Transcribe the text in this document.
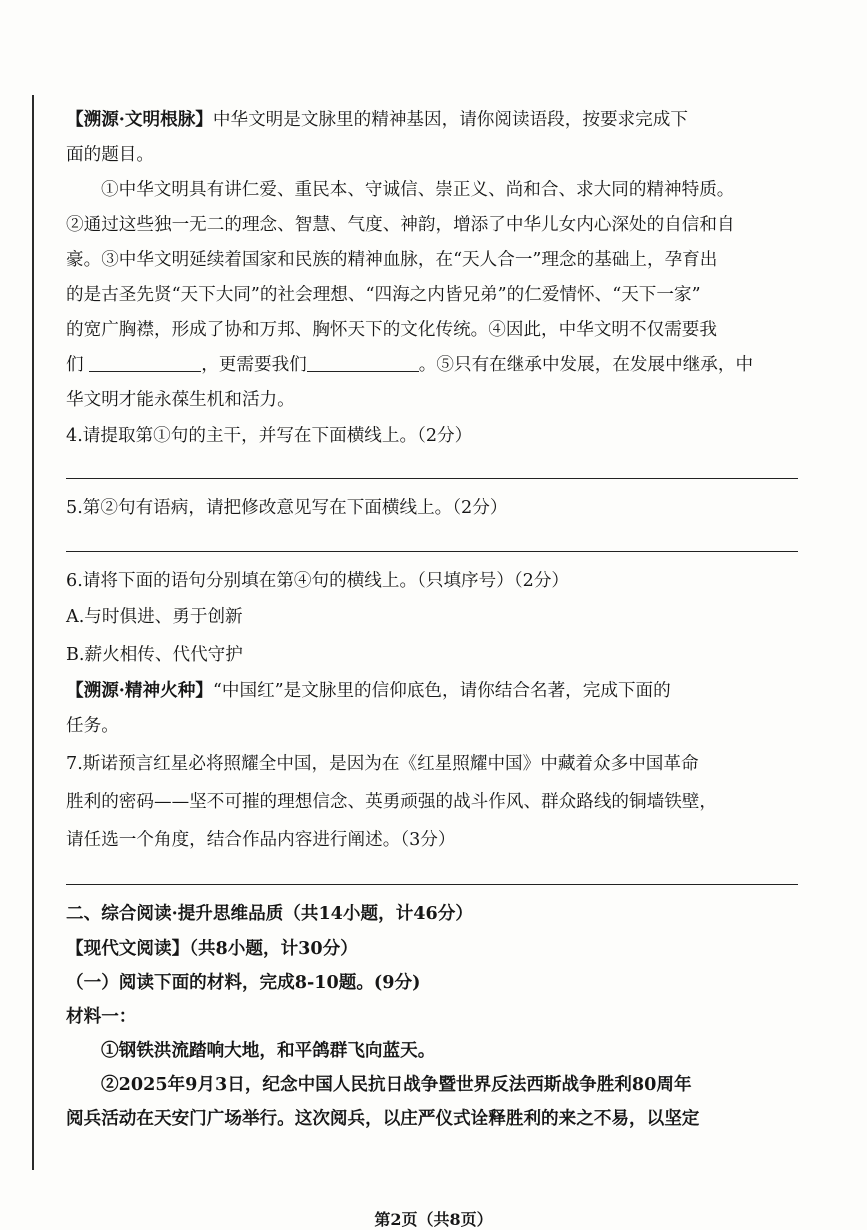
【溯源·文明根脉】中华文明是文脉里的精神基因，请你阅读语段，按要求完成下
面的题目。
①中华文明具有讲仁爱、重民本、守诚信、崇正义、尚和合、求大同的精神特质。
②通过这些独一无二的理念、智慧、气度、神韵，增添了中华儿女内心深处的自信和自
豪。③中华文明延续着国家和民族的精神血脉，在“天人合一”理念的基础上，孕育出
的是古圣先贤“天下大同”的社会理想、“四海之内皆兄弟”的仁爱情怀、“天下一家”
的宽广胸襟，形成了协和万邦、胸怀天下的文化传统。④因此，中华文明不仅需要我
们	，更需要我们	。⑤只有在继承中发展，在发展中继承，中
华文明才能永葆生机和活力。
4.请提取第①句的主干，并写在下面横线上。（2分）
5.第②句有语病，请把修改意见写在下面横线上。（2分）
6.请将下面的语句分别填在第④句的横线上。（只填序号）（2分）
A.与时俱进、勇于创新
B.薪火相传、代代守护
【溯源·精神火种】“中国红”是文脉里的信仰底色，请你结合名著，完成下面的
任务。
7.斯诺预言红星必将照耀全中国，是因为在《红星照耀中国》中藏着众多中国革命
胜利的密码——坚不可摧的理想信念、英勇顽强的战斗作风、群众路线的铜墙铁壁，
请任选一个角度，结合作品内容进行阐述。（3分）
二、综合阅读·提升思维品质（共14小题，计46分）
【现代文阅读】（共8小题，计30分）
（一）阅读下面的材料，完成8-10题。(9分)
材料一：
①钢铁洪流踏响大地，和平鸽群飞向蓝天。
②2025年9月3日，纪念中国人民抗日战争暨世界反法西斯战争胜利80周年
阅兵活动在天安门广场举行。这次阅兵，以庄严仪式诠释胜利的来之不易，以坚定
第2页（共8页）
